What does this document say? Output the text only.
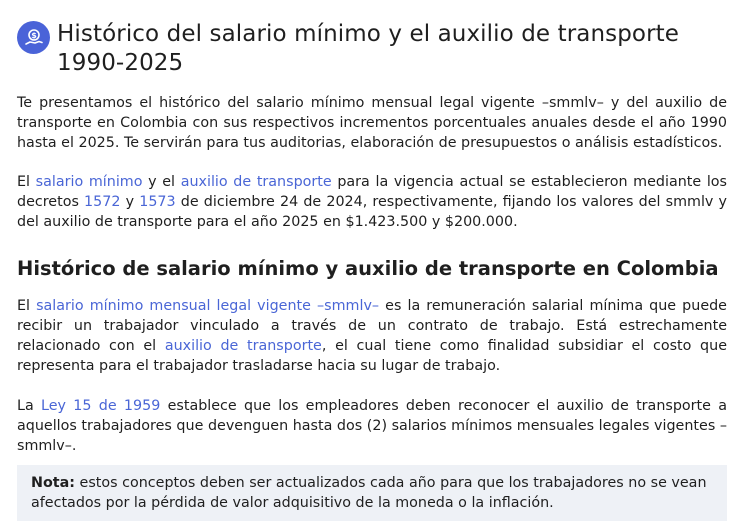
$ Histórico del salario mínimo y el auxilio de transporte 1990-2025

Te presentamos el histórico del salario mínimo mensual legal vigente –smmlv– y del auxilio de transporte en Colombia con sus respectivos incrementos porcentuales anuales desde el año 1990 hasta el 2025. Te servirán para tus auditorias, elaboración de presupuestos o análisis estadísticos.

El salario mínimo y el auxilio de transporte para la vigencia actual se establecieron mediante los decretos 1572 y 1573 de diciembre 24 de 2024, respectivamente, fijando los valores del smmlv y del auxilio de transporte para el año 2025 en $1.423.500 y $200.000.

Histórico de salario mínimo y auxilio de transporte en Colombia

El salario mínimo mensual legal vigente –smmlv– es la remuneración salarial mínima que puede recibir un trabajador vinculado a través de un contrato de trabajo. Está estrechamente relacionado con el auxilio de transporte, el cual tiene como finalidad subsidiar el costo que representa para el trabajador trasladarse hacia su lugar de trabajo.

La Ley 15 de 1959 establece que los empleadores deben reconocer el auxilio de transporte a aquellos trabajadores que devenguen hasta dos (2) salarios mínimos mensuales legales vigentes –smmlv–.

Nota: estos conceptos deben ser actualizados cada año para que los trabajadores no se vean afectados por la pérdida de valor adquisitivo de la moneda o la inflación.
